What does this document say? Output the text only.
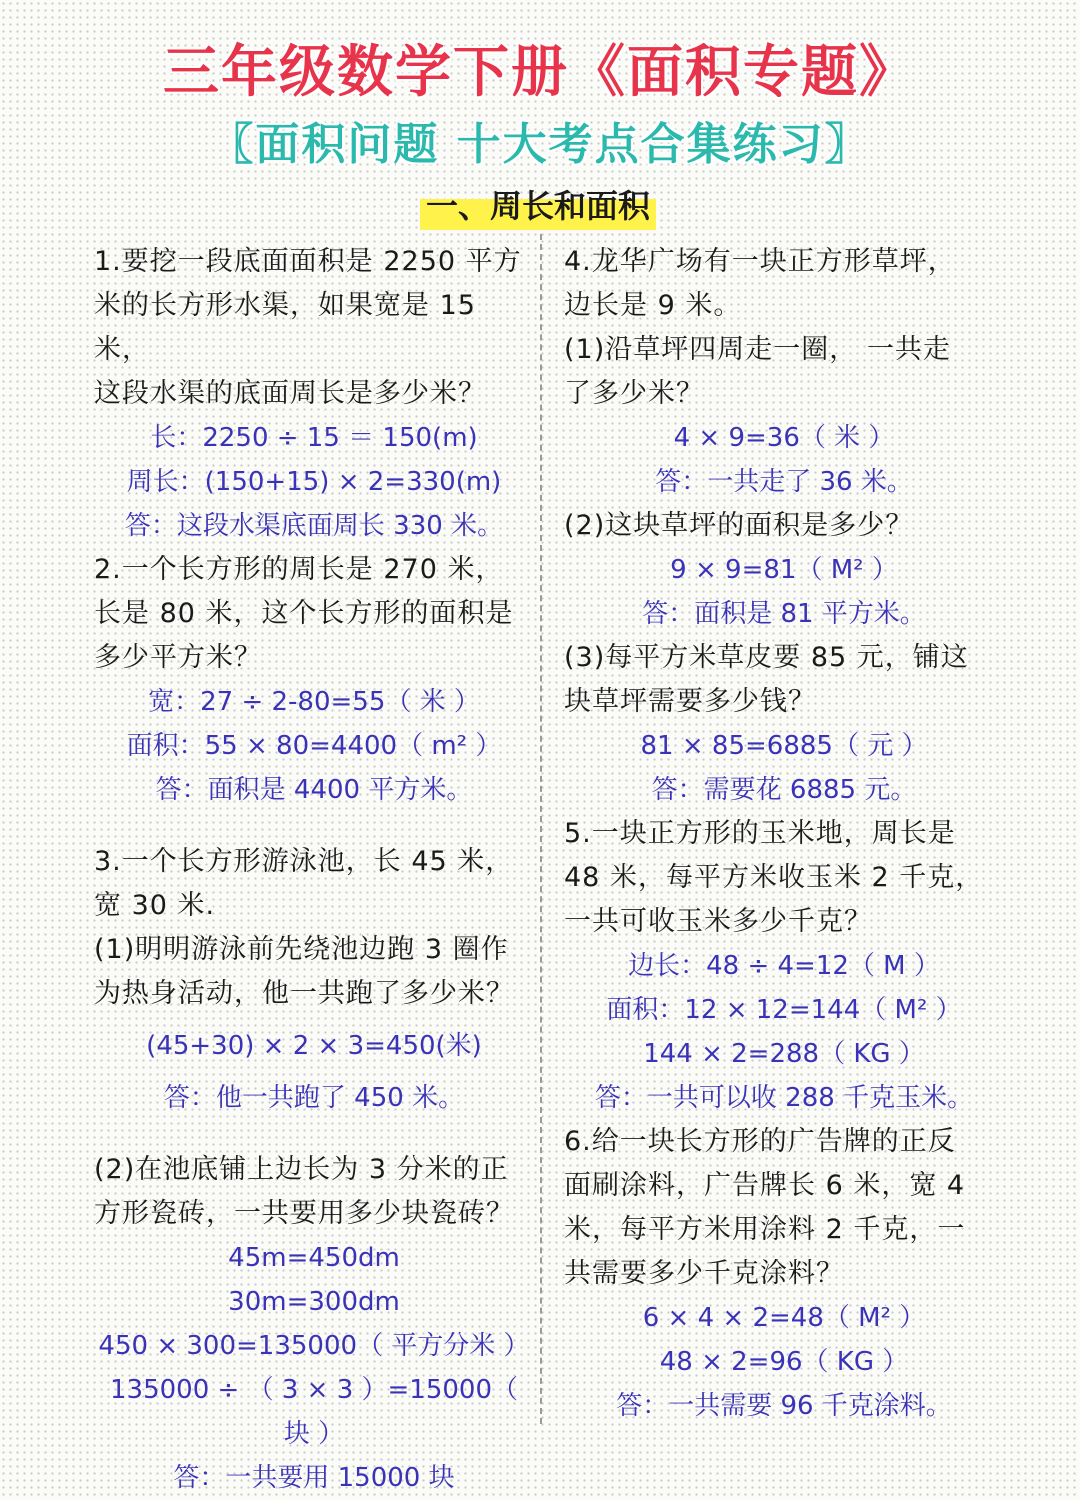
三年级数学下册《面积专题》
〖面积问题 十大考点合集练习〗
一、周长和面积

1.要挖一段底面面积是 2250 平方

米的长方形水渠，如果宽是 15 米，

这段水渠的底面周长是多少米？

长：2250 ÷ 15 ＝ 150(m)

周长：(150+15) × 2=330(m)

答：这段水渠底面周长 330 米。

2.一个长方形的周长是 270 米，

长是 80 米，这个长方形的面积是

多少平方米？

宽：27 ÷ 2-80=55（ 米 ）

面积：55 × 80=4400（ m² ）

答：面积是 4400 平方米。

3.一个长方形游泳池，长 45 米，

宽 30 米.

(1)明明游泳前先绕池边跑 3 圈作

为热身活动，他一共跑了多少米？

(45+30) × 2 × 3=450(米)

答：他一共跑了 450 米。

(2)在池底铺上边长为 3 分米的正

方形瓷砖，一共要用多少块瓷砖？

45m=450dm

30m=300dm

450 × 300=135000（ 平方分米 ）

135000 ÷ （ 3 × 3 ）=15000（ 块 ）

答：一共要用 15000 块

4.龙华广场有一块正方形草坪，

边长是 9 米。

(1)沿草坪四周走一圈， 一共走

了多少米？

4 × 9=36（ 米 ）

答：一共走了 36 米。

(2)这块草坪的面积是多少？

9 × 9=81（ M² ）

答：面积是 81 平方米。

(3)每平方米草皮要 85 元，铺这

块草坪需要多少钱？

81 × 85=6885（ 元 ）

答：需要花 6885 元。

5.一块正方形的玉米地，周长是

48 米，每平方米收玉米 2 千克，

一共可收玉米多少千克？

边长：48 ÷ 4=12（ M ）

面积：12 × 12=144（ M² ）

144 × 2=288（ KG ）

答：一共可以收 288 千克玉米。

6.给一块长方形的广告牌的正反

面刷涂料，广告牌长 6 米，宽 4

米，每平方米用涂料 2 千克，一

共需要多少千克涂料？

6 × 4 × 2=48（ M² ）

48 × 2=96（ KG ）

答：一共需要 96 千克涂料。
